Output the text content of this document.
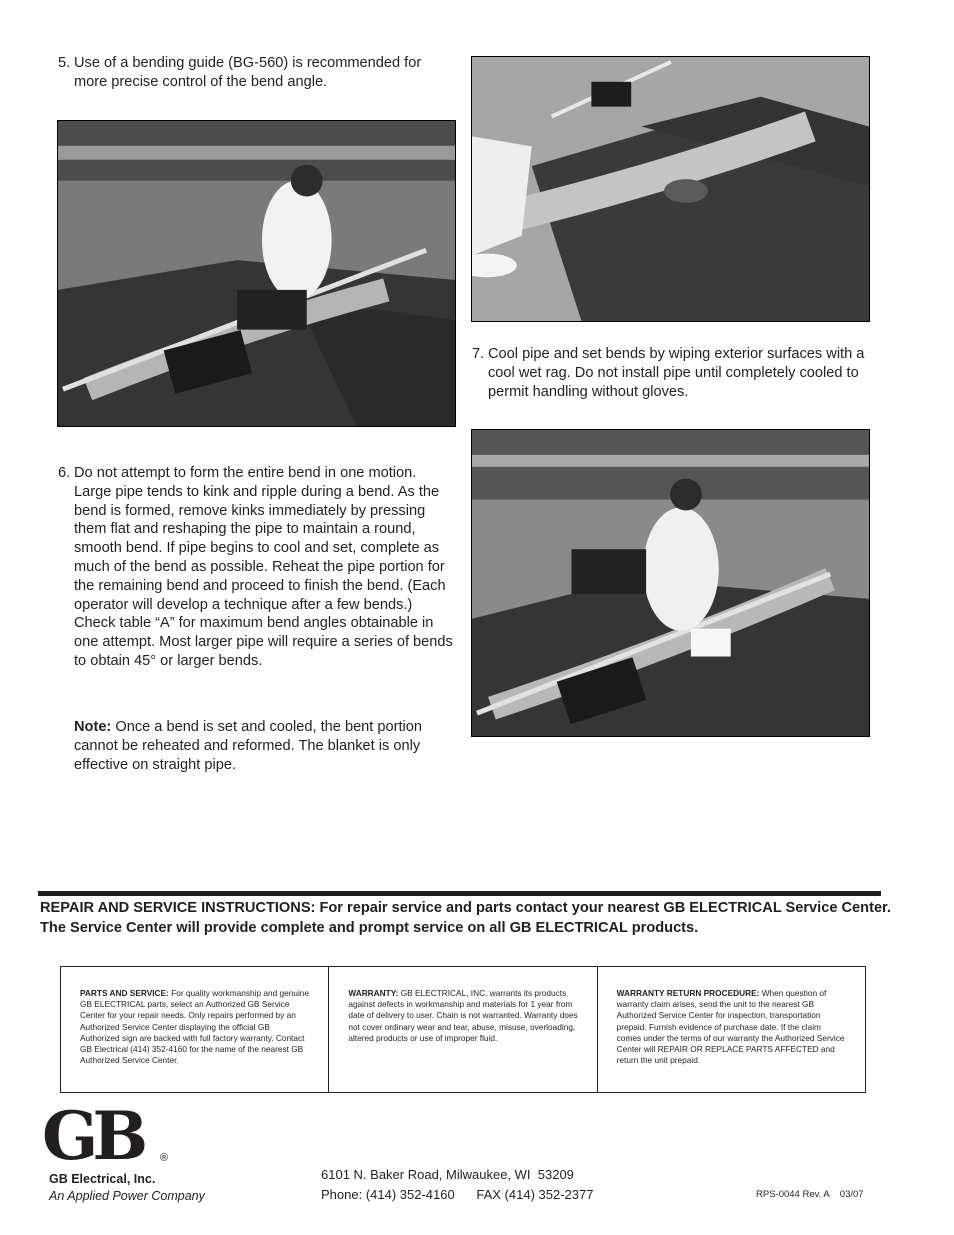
5. Use of a bending guide (BG-560) is recommended for more precise control of the bend angle.
6. Do not attempt to form the entire bend in one motion. Large pipe tends to kink and ripple during a bend. As the bend is formed, remove kinks immediately by pressing them flat and reshaping the pipe to maintain a round, smooth bend. If pipe begins to cool and set, complete as much of the bend as possible. Reheat the pipe portion for the remaining bend and proceed to finish the bend. (Each operator will develop a technique after a few bends.) Check table “A” for maximum bend angles obtainable in one attempt. Most larger pipe will require a series of bends to obtain 45° or larger bends.
Note: Once a bend is set and cooled, the bent portion cannot be reheated and reformed. The blanket is only effective on straight pipe.
7. Cool pipe and set bends by wiping exterior surfaces with a cool wet rag. Do not install pipe until completely cooled to permit handling without gloves.
REPAIR AND SERVICE INSTRUCTIONS: For repair service and parts contact your nearest GB ELECTRICAL Service Center. The Service Center will provide complete and prompt service on all GB ELECTRICAL products.
PARTS AND SERVICE: For quality workmanship and genuine GB ELECTRICAL parts, select an Authorized GB Service Center for your repair needs. Only repairs performed by an Authorized Service Center displaying the official GB Authorized sign are backed with full factory warranty. Contact GB Electrical (414) 352-4160 for the name of the nearest GB Authorized Service Center.
WARRANTY: GB ELECTRICAL, INC. warrants its products against defects in workmanship and materials for 1 year from date of delivery to user. Chain is not warranted. Warranty does not cover ordinary wear and tear, abuse, misuse, overloading, altered products or use of improper fluid.
WARRANTY RETURN PROCEDURE: When question of warranty claim arises, send the unit to the nearest GB Authorized Service Center for inspection, transportation prepaid. Furnish evidence of purchase date. If the claim comes under the terms of our warranty the Authorized Service Center will REPAIR OR REPLACE PARTS AFFECTED and return the unit prepaid.
GB ®
GB Electrical, Inc.
An Applied Power Company
6101 N. Baker Road, Milwaukee, WI  53209
Phone: (414) 352-4160      FAX (414) 352-2377	RPS-0044 Rev. A    03/07
